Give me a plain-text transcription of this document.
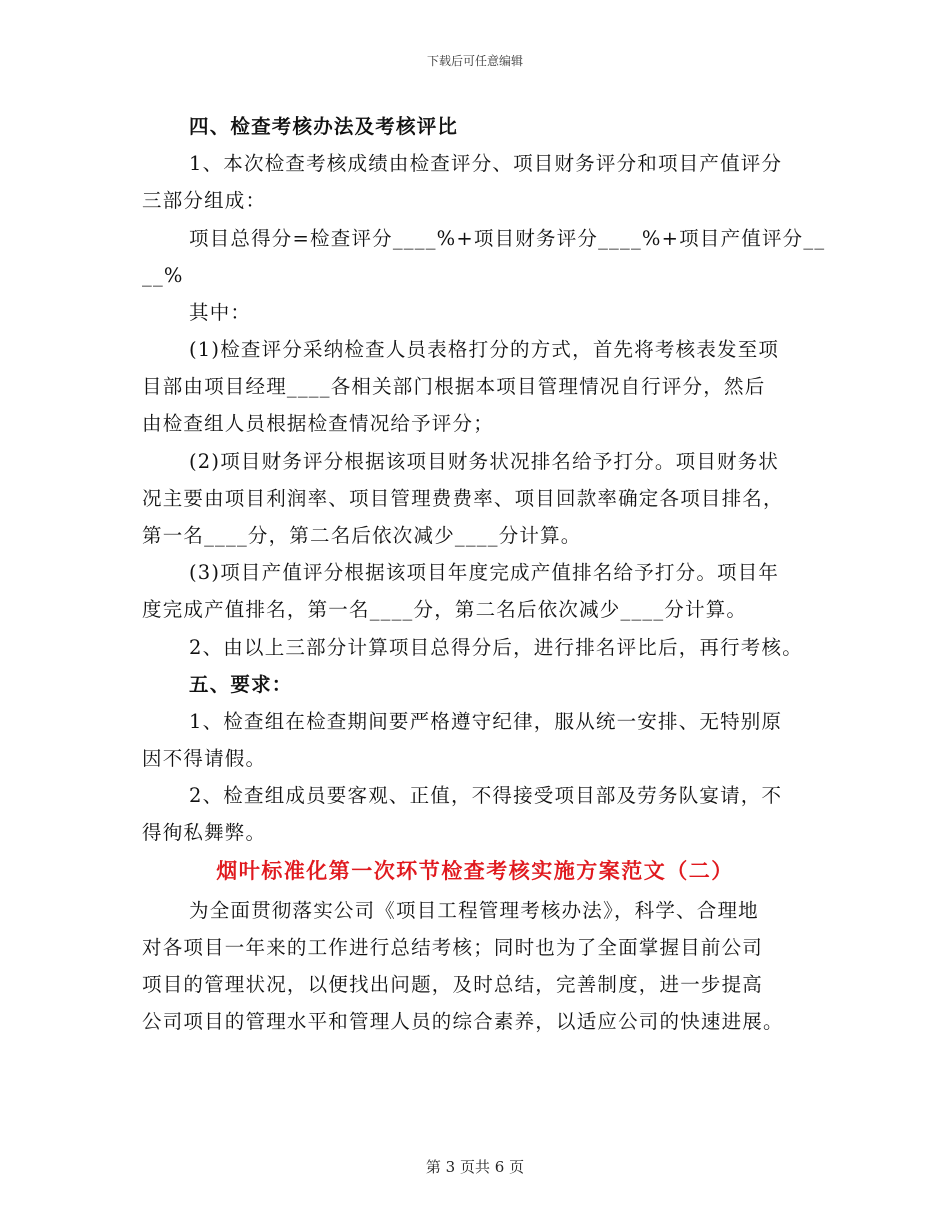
下载后可任意编辑
四、检查考核办法及考核评比
1、本次检查考核成绩由检查评分、项目财务评分和项目产值评分
三部分组成：
项目总得分=检查评分____%+项目财务评分____%+项目产值评分__
__%
其中：
(1)检查评分采纳检查人员表格打分的方式，首先将考核表发至项
目部由项目经理____各相关部门根据本项目管理情况自行评分，然后
由检查组人员根据检查情况给予评分；
(2)项目财务评分根据该项目财务状况排名给予打分。项目财务状
况主要由项目利润率、项目管理费费率、项目回款率确定各项目排名，
第一名____分，第二名后依次减少____分计算。
(3)项目产值评分根据该项目年度完成产值排名给予打分。项目年
度完成产值排名，第一名____分，第二名后依次减少____分计算。
2、由以上三部分计算项目总得分后，进行排名评比后，再行考核。
五、要求：
1、检查组在检查期间要严格遵守纪律，服从统一安排、无特别原
因不得请假。
2、检查组成员要客观、正值，不得接受项目部及劳务队宴请，不
得徇私舞弊。
烟叶标准化第一次环节检查考核实施方案范文（二）
为全面贯彻落实公司《项目工程管理考核办法》，科学、合理地
对各项目一年来的工作进行总结考核；同时也为了全面掌握目前公司
项目的管理状况，以便找出问题，及时总结，完善制度，进一步提高
公司项目的管理水平和管理人员的综合素养，以适应公司的快速进展。
第 3 页共 6 页
